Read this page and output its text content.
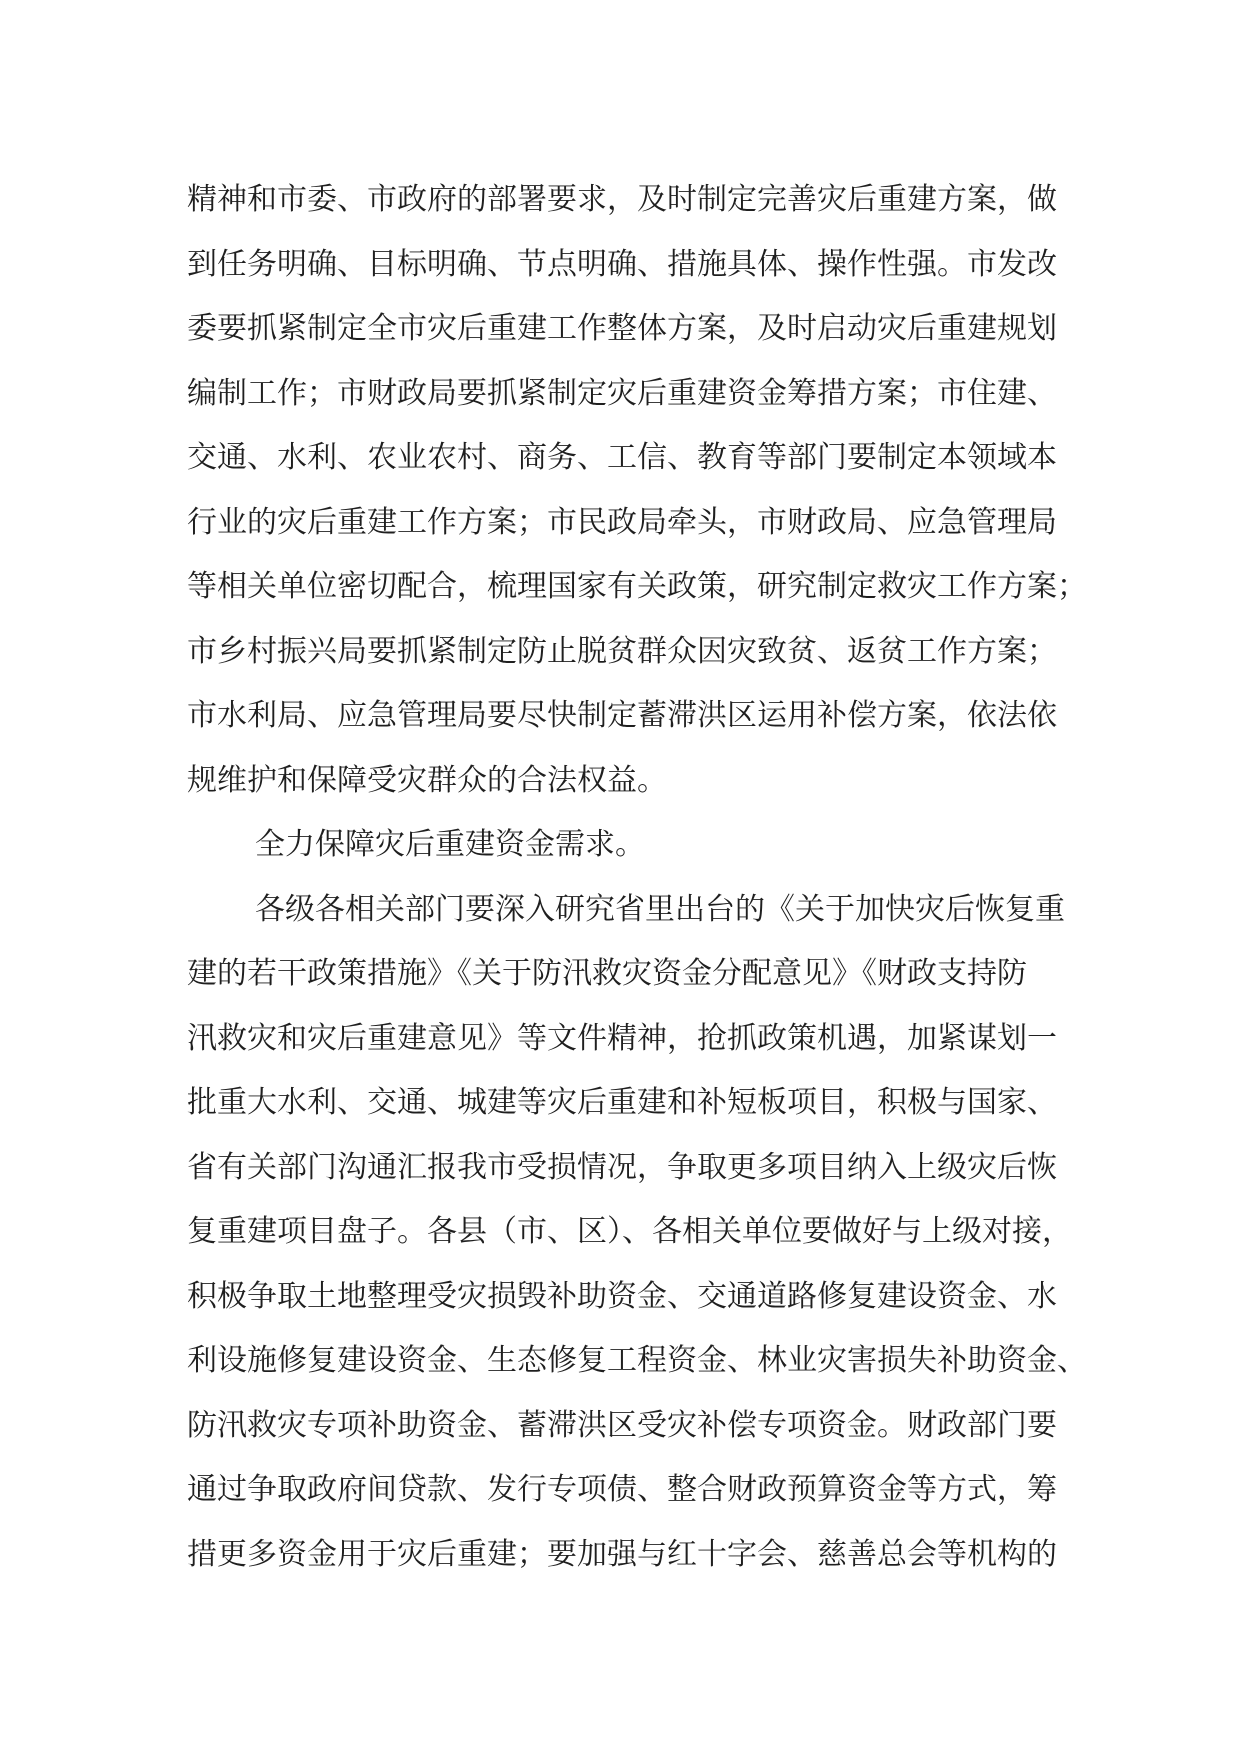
精神和市委、市政府的部署要求，及时制定完善灾后重建方案，做
到任务明确、目标明确、节点明确、措施具体、操作性强。市发改
委要抓紧制定全市灾后重建工作整体方案，及时启动灾后重建规划
编制工作；市财政局要抓紧制定灾后重建资金筹措方案；市住建、
交通、水利、农业农村、商务、工信、教育等部门要制定本领域本
行业的灾后重建工作方案；市民政局牵头，市财政局、应急管理局
等相关单位密切配合，梳理国家有关政策，研究制定救灾工作方案；
市乡村振兴局要抓紧制定防止脱贫群众因灾致贫、返贫工作方案；
市水利局、应急管理局要尽快制定蓄滞洪区运用补偿方案，依法依
规维护和保障受灾群众的合法权益。
全力保障灾后重建资金需求。
各级各相关部门要深入研究省里出台的《关于加快灾后恢复重
建的若干政策措施》《关于防汛救灾资金分配意见》《财政支持防
汛救灾和灾后重建意见》等文件精神，抢抓政策机遇，加紧谋划一
批重大水利、交通、城建等灾后重建和补短板项目，积极与国家、
省有关部门沟通汇报我市受损情况，争取更多项目纳入上级灾后恢
复重建项目盘子。各县（市、区）、各相关单位要做好与上级对接，
积极争取土地整理受灾损毁补助资金、交通道路修复建设资金、水
利设施修复建设资金、生态修复工程资金、林业灾害损失补助资金、
防汛救灾专项补助资金、蓄滞洪区受灾补偿专项资金。财政部门要
通过争取政府间贷款、发行专项债、整合财政预算资金等方式，筹
措更多资金用于灾后重建；要加强与红十字会、慈善总会等机构的
